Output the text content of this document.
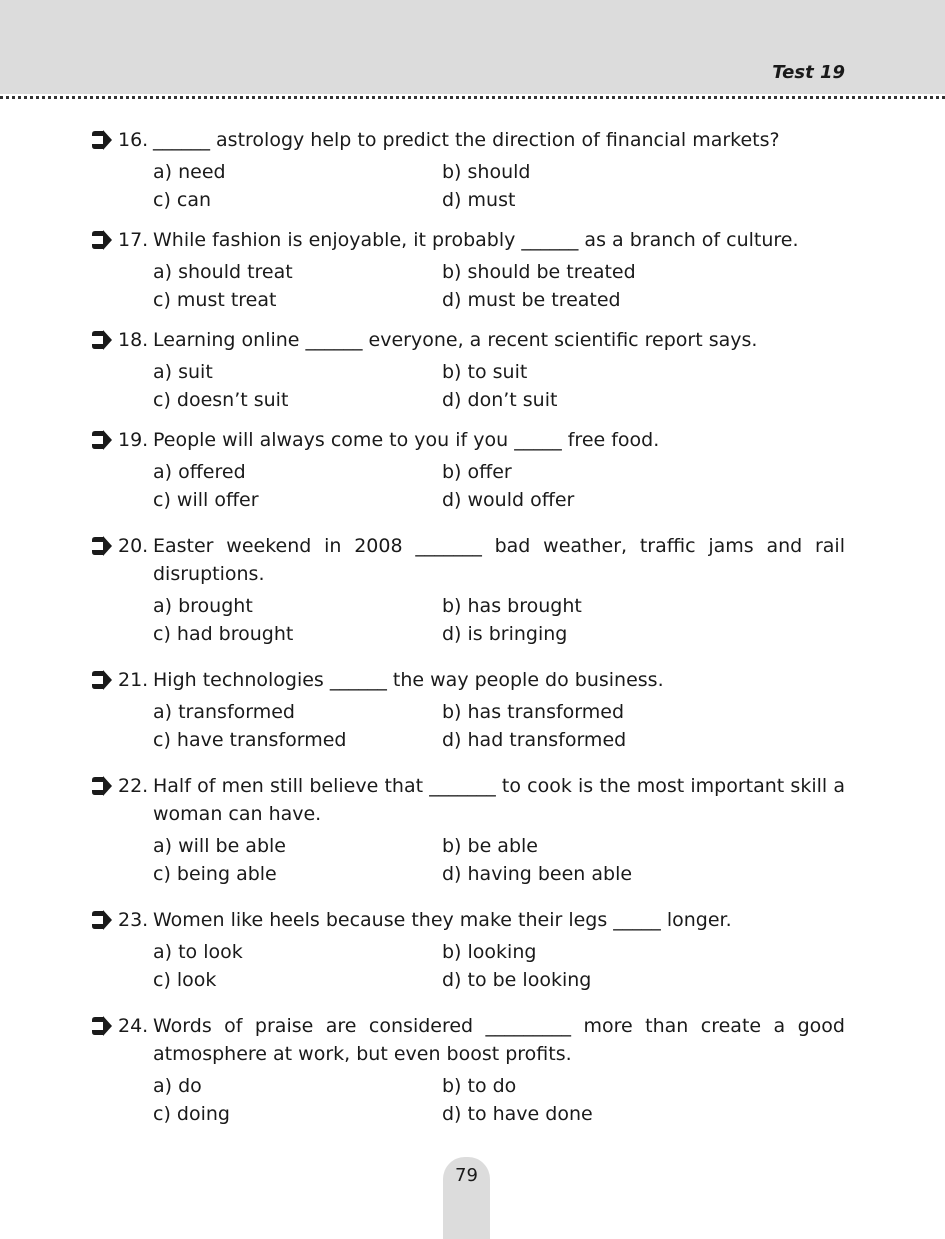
Test 19
16. ______ astrology help to predict the direction of financial markets?
a) need	b) should
c) can	d) must
17. While fashion is enjoyable, it probably ______ as a branch of culture.
a) should treat	b) should be treated
c) must treat	d) must be treated
18. Learning online ______ everyone, a recent scientific report says.
a) suit	b) to suit
c) doesn’t suit	d) don’t suit
19. People will always come to you if you _____ free food.
a) offered	b) offer
c) will offer	d) would offer
20. Easter weekend in 2008 _______ bad weather, traffic jams and rail disruptions.
a) brought	b) has brought
c) had brought	d) is bringing
21. High technologies ______ the way people do business.
a) transformed	b) has transformed
c) have transformed	d) had transformed
22. Half of men still believe that _______ to cook is the most important skill a woman can have.
a) will be able	b) be able
c) being able	d) having been able
23. Women like heels because they make their legs _____ longer.
a) to look	b) looking
c) look	d) to be looking
24. Words of praise are considered _________ more than create a good atmosphere at work, but even boost profits.
a) do	b) to do
c) doing	d) to have done
79
